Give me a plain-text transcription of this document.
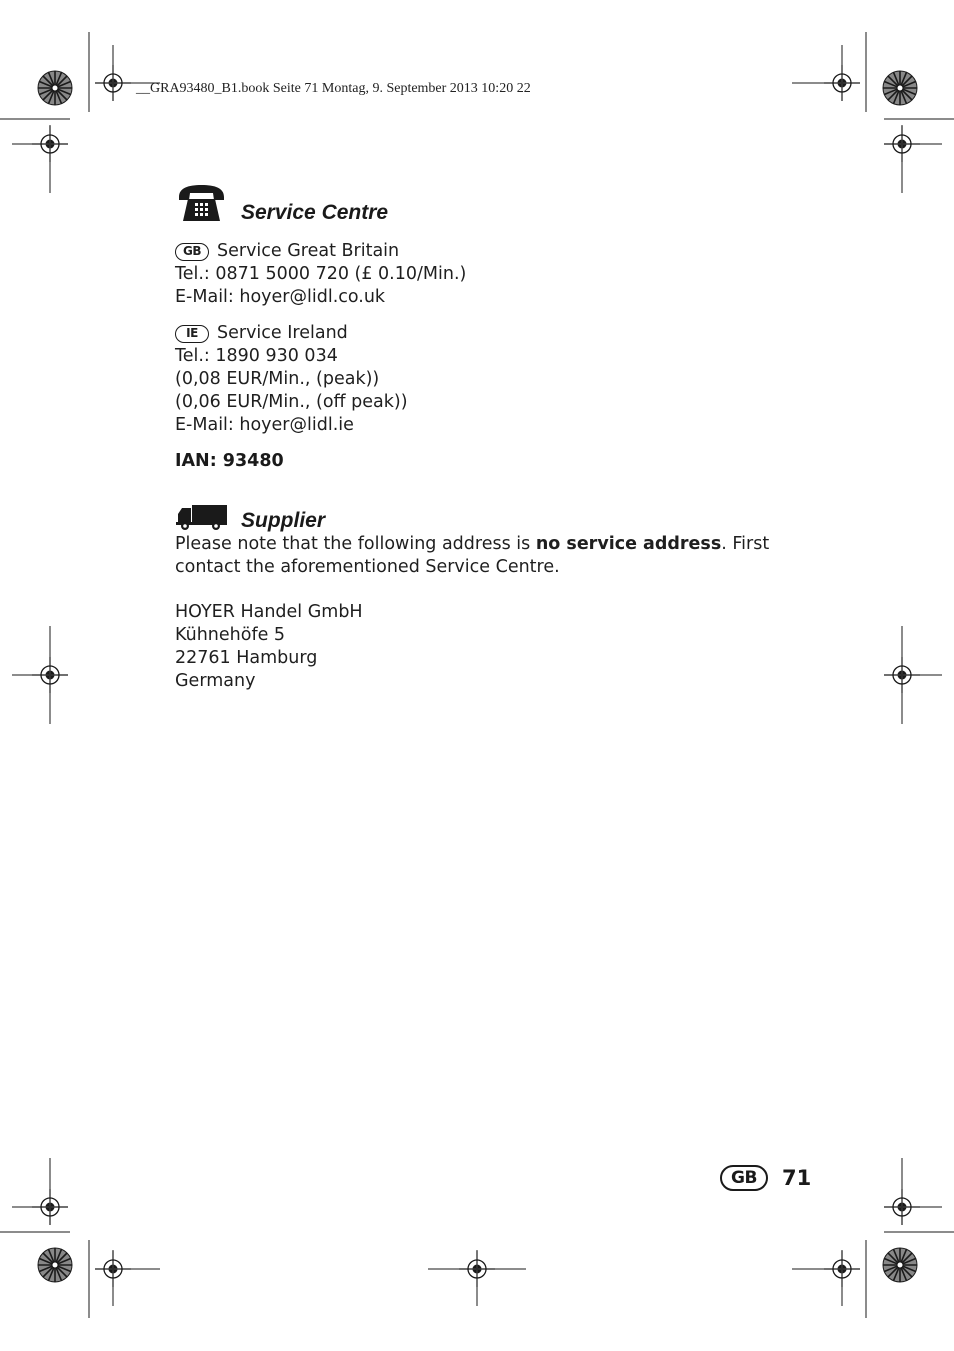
__GRA93480_B1.book Seite 71 Montag, 9. September 2013 10:20 22
Service Centre
GB Service Great Britain
Tel.: 0871 5000 720 (£ 0.10/Min.)
E-Mail: hoyer@lidl.co.uk
IE	Service Ireland
Tel.: 1890 930 034
(0,08 EUR/Min., (peak))
(0,06 EUR/Min., (off peak))
E-Mail: hoyer@lidl.ie
IAN: 93480
Supplier
Please note that the following address is no service address. First contact the aforementioned Service Centre.
HOYER Handel GmbH
Kühnehöfe 5
22761 Hamburg
Germany
GB	71
